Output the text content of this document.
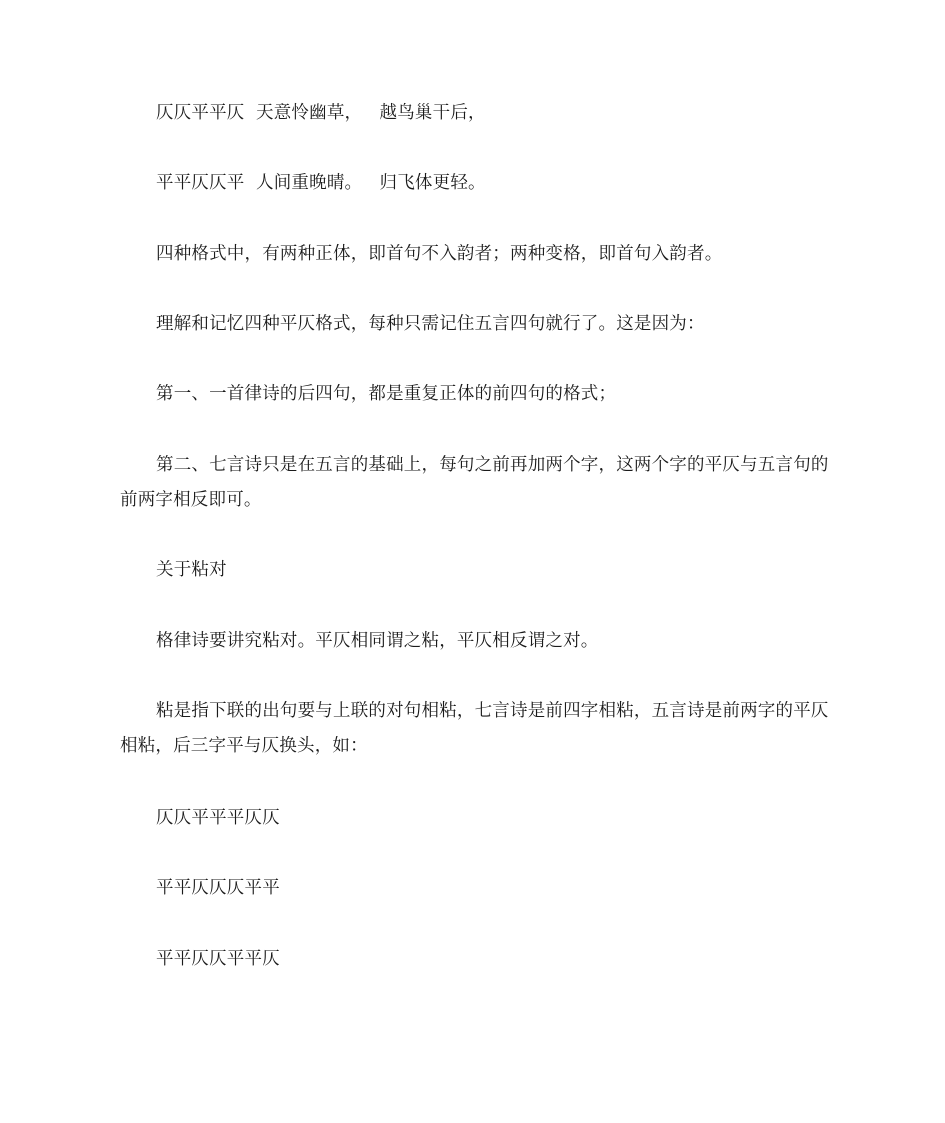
仄仄平平仄  天意怜幽草，   越鸟巢干后，

平平仄仄平  人间重晚晴。   归飞体更轻。

四种格式中，有两种正体，即首句不入韵者；两种变格，即首句入韵者。

理解和记忆四种平仄格式，每种只需记住五言四句就行了。这是因为：

第一、一首律诗的后四句，都是重复正体的前四句的格式；

第二、七言诗只是在五言的基础上，每句之前再加两个字，这两个字的平仄与五言句的前两字相反即可。

关于粘对

格律诗要讲究粘对。平仄相同谓之粘，平仄相反谓之对。

粘是指下联的出句要与上联的对句相粘，七言诗是前四字相粘，五言诗是前两字的平仄相粘，后三字平与仄换头，如：

仄仄平平平仄仄

平平仄仄仄平平

平平仄仄平平仄
